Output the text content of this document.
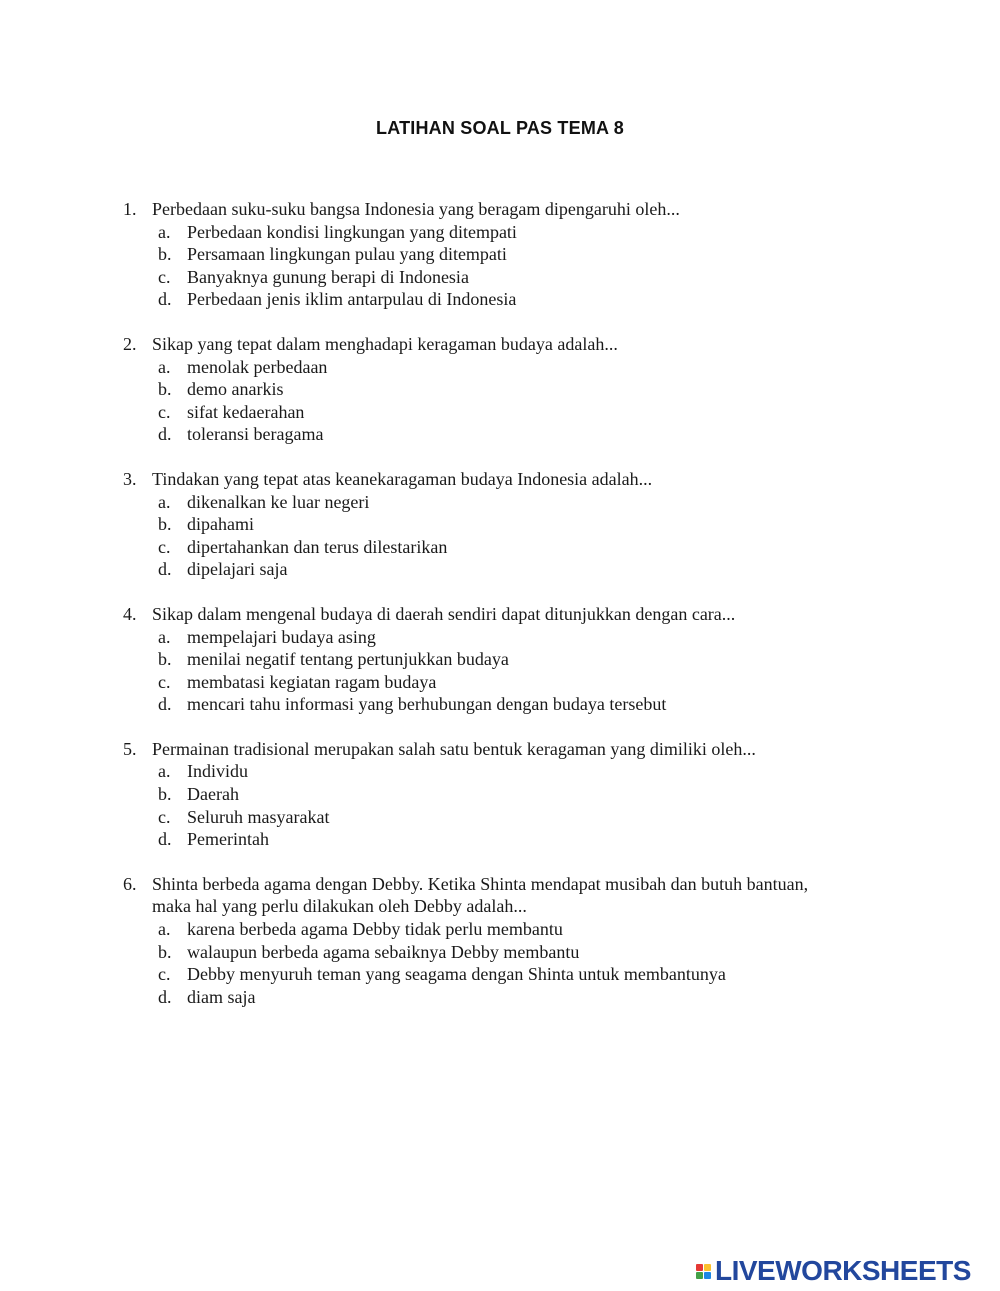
LATIHAN SOAL PAS TEMA 8
1. Perbedaan suku-suku bangsa Indonesia yang beragam dipengaruhi oleh...
a. Perbedaan kondisi lingkungan yang ditempati
b. Persamaan lingkungan pulau yang ditempati
c. Banyaknya gunung berapi di Indonesia
d. Perbedaan jenis iklim antarpulau di Indonesia
2. Sikap yang tepat dalam menghadapi keragaman budaya adalah...
a. menolak perbedaan
b. demo anarkis
c. sifat kedaerahan
d. toleransi beragama
3. Tindakan yang tepat atas keanekaragaman budaya Indonesia adalah...
a. dikenalkan ke luar negeri
b. dipahami
c. dipertahankan dan terus dilestarikan
d. dipelajari saja
4. Sikap dalam mengenal budaya di daerah sendiri dapat ditunjukkan dengan cara...
a. mempelajari budaya asing
b. menilai negatif tentang pertunjukkan budaya
c. membatasi kegiatan ragam budaya
d. mencari tahu informasi yang berhubungan dengan budaya tersebut
5. Permainan tradisional merupakan salah satu bentuk keragaman yang dimiliki oleh...
a. Individu
b. Daerah
c. Seluruh masyarakat
d. Pemerintah
6. Shinta berbeda agama dengan Debby. Ketika Shinta mendapat musibah dan butuh bantuan,
maka hal yang perlu dilakukan oleh Debby adalah...
a. karena berbeda agama Debby tidak perlu membantu
b. walaupun berbeda agama sebaiknya Debby membantu
c. Debby menyuruh teman yang seagama dengan Shinta untuk membantunya
d. diam saja
LIVEWORKSHEETS
